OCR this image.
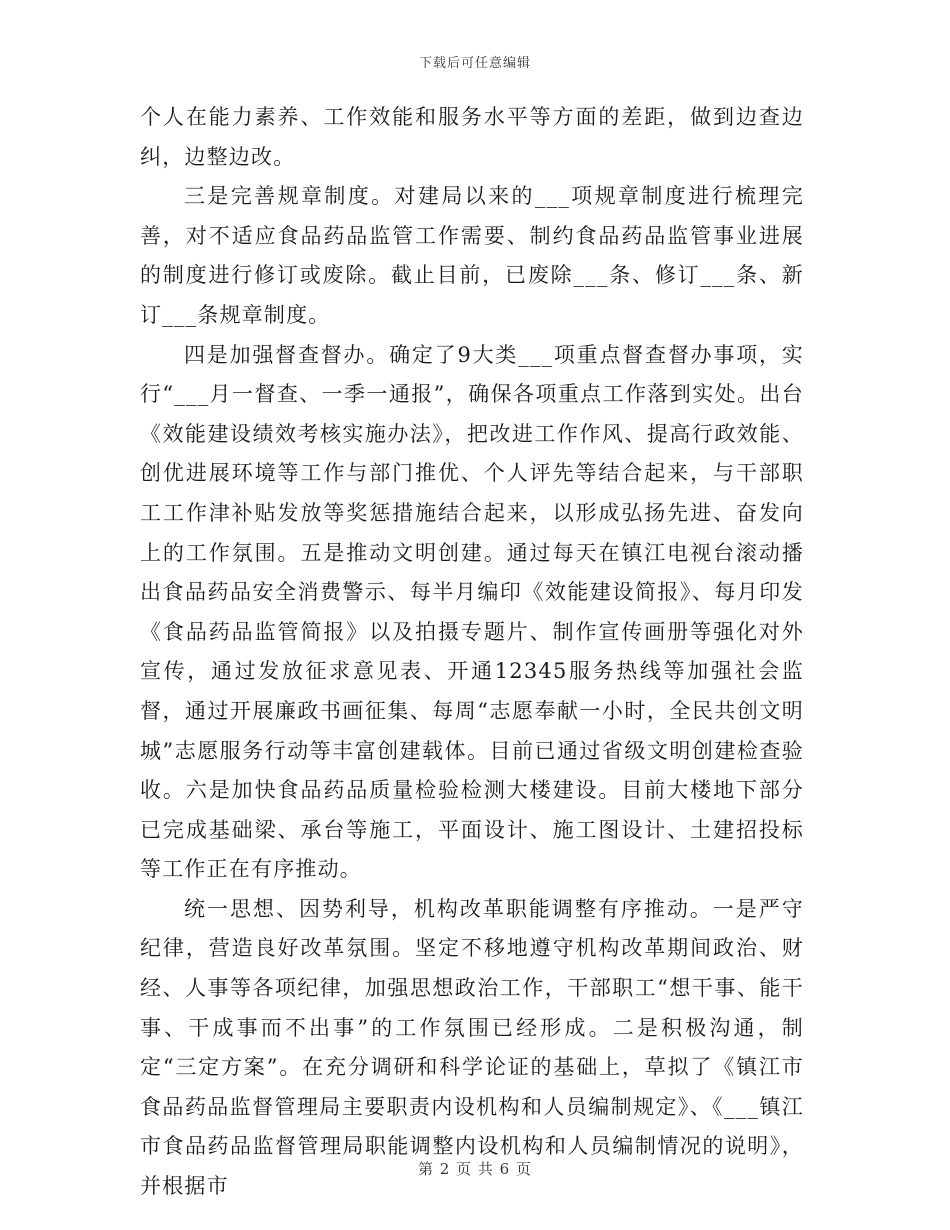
下载后可任意编辑

个人在能力素养、工作效能和服务水平等方面的差距，做到边查边纠，边整边改。

三是完善规章制度。对建局以来的___项规章制度进行梳理完善，对不适应食品药品监管工作需要、制约食品药品监管事业进展的制度进行修订或废除。截止目前，已废除___条、修订___条、新订___条规章制度。

四是加强督查督办。确定了9大类___项重点督查督办事项，实行“___月一督查、一季一通报”，确保各项重点工作落到实处。出台《效能建设绩效考核实施办法》，把改进工作作风、提高行政效能、创优进展环境等工作与部门推优、个人评先等结合起来，与干部职工工作津补贴发放等奖惩措施结合起来，以形成弘扬先进、奋发向上的工作氛围。五是推动文明创建。通过每天在镇江电视台滚动播出食品药品安全消费警示、每半月编印《效能建设简报》、每月印发《食品药品监管简报》以及拍摄专题片、制作宣传画册等强化对外宣传，通过发放征求意见表、开通12345服务热线等加强社会监督，通过开展廉政书画征集、每周“志愿奉献一小时，全民共创文明城”志愿服务行动等丰富创建载体。目前已通过省级文明创建检查验收。六是加快食品药品质量检验检测大楼建设。目前大楼地下部分已完成基础梁、承台等施工，平面设计、施工图设计、土建招投标等工作正在有序推动。

统一思想、因势利导，机构改革职能调整有序推动。一是严守纪律，营造良好改革氛围。坚定不移地遵守机构改革期间政治、财经、人事等各项纪律，加强思想政治工作，干部职工“想干事、能干事、干成事而不出事”的工作氛围已经形成。二是积极沟通，制定“三定方案”。在充分调研和科学论证的基础上，草拟了《镇江市食品药品监督管理局主要职责内设机构和人员编制规定》、《___镇江市食品药品监督管理局职能调整内设机构和人员编制情况的说明》，并根据市

第 2 页 共 6 页
